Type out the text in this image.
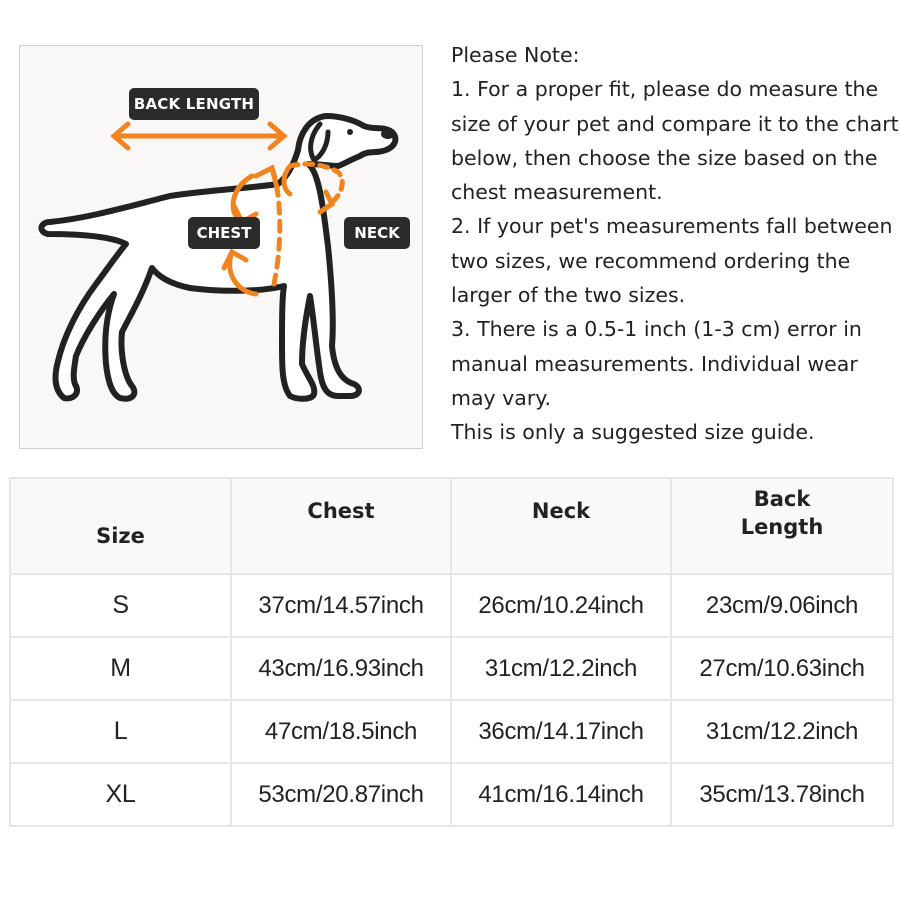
BACK LENGTH
CHEST	NECK
Please Note:
1. For a proper fit, please do measure the
size of your pet and compare it to the chart
below, then choose the size based on the
chest measurement.
2. If your pet's measurements fall between
two sizes, we recommend ordering the
larger of the two sizes.
3. There is a 0.5-1 inch (1-3 cm) error in
manual measurements. Individual wear
may vary.
This is only a suggested size guide.
Size	Chest	Neck	Back
Length

S	37cm/14.57inch	26cm/10.24inch	23cm/9.06inch
M	43cm/16.93inch	31cm/12.2inch	27cm/10.63inch
L	47cm/18.5inch	36cm/14.17inch	31cm/12.2inch
XL	53cm/20.87inch	41cm/16.14inch	35cm/13.78inch
